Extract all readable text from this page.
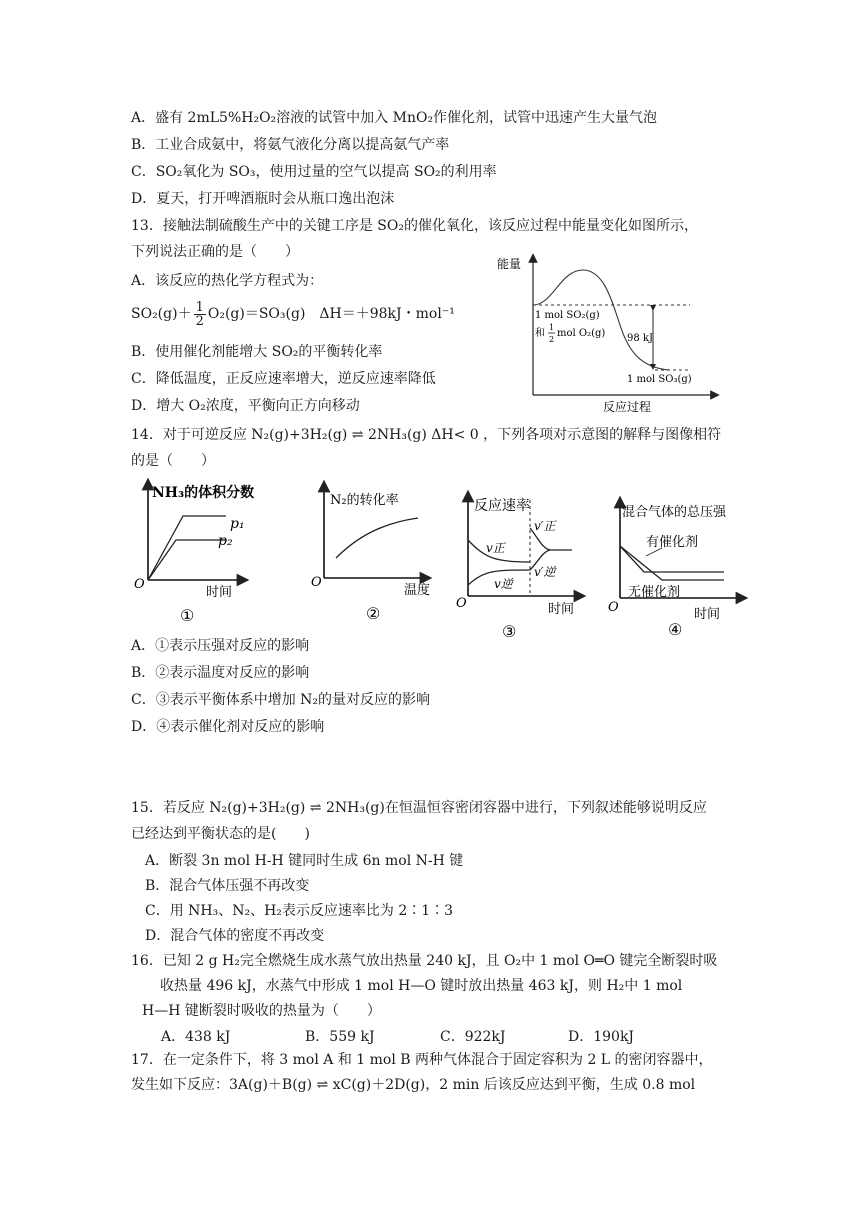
A．盛有 2mL5%H₂O₂溶液的试管中加入 MnO₂作催化剂，试管中迅速产生大量气泡
B．工业合成氨中，将氨气液化分离以提高氨气产率
C．SO₂氧化为 SO₃，使用过量的空气以提高 SO₂的利用率
D．夏天，打开啤酒瓶时会从瓶口逸出泡沫
13．接触法制硫酸生产中的关键工序是 SO₂的催化氧化，该反应过程中能量变化如图所示，
下列说法正确的是（　　）
A．该反应的热化学方程式为：
$SO_2(g)+ \frac{1}{2} O_2(g)=SO_3(g)$　ΔH＝＋98kJ・mol⁻¹
B．使用催化剂能增大 SO₂的平衡转化率
C．降低温度，正反应速率增大，逆反应速率降低
D．增大 O₂浓度，平衡向正方向移动
能量
反应过程
1 mol SO₂(g)
和
1
2
mol O₂(g) 98 kJ
1 mol SO₃(g)
14．对于可逆反应 N₂(g)+3H₂(g) ⇌ 2NH₃(g) ΔH< 0 ，下列各项对示意图的解释与图像相符
的是（　　）
NH₃的体积分数
O
时间
p₁
p₂
①
N₂的转化率
O
温度
②
反应速率
O	时间
v正
v逆
v′正
v′逆
③
混合气体的总压强
O	时间
有催化剂
无催化剂
④
A．①表示压强对反应的影响
B．②表示温度对反应的影响
C．③表示平衡体系中增加 N₂的量对反应的影响
D．④表示催化剂对反应的影响
15．若反应 N₂(g)+3H₂(g) ⇌ 2NH₃(g)在恒温恒容密闭容器中进行，下列叙述能够说明反应
已经达到平衡状态的是(　　)
A．断裂 3n mol H-H 键同时生成 6n mol N-H 键
B．混合气体压强不再改变
C．用 NH₃、N₂、H₂表示反应速率比为 2∶1∶3
D．混合气体的密度不再改变
16．已知 2 g H₂完全燃烧生成水蒸气放出热量 240 kJ，且 O₂中 1 mol O═O 键完全断裂时吸
收热量 496 kJ，水蒸气中形成 1 mol H—O 键时放出热量 463 kJ，则 H₂中 1 mol
H—H 键断裂时吸收的热量为（　　）
A．438 kJ	B．559 kJ	C．922kJ	D．190kJ
17．在一定条件下，将 3 mol A 和 1 mol B 两种气体混合于固定容积为 2 L 的密闭容器中，
发生如下反应：3A(g)＋B(g) ⇌ xC(g)＋2D(g)，2 min 后该反应达到平衡，生成 0.8 mol
